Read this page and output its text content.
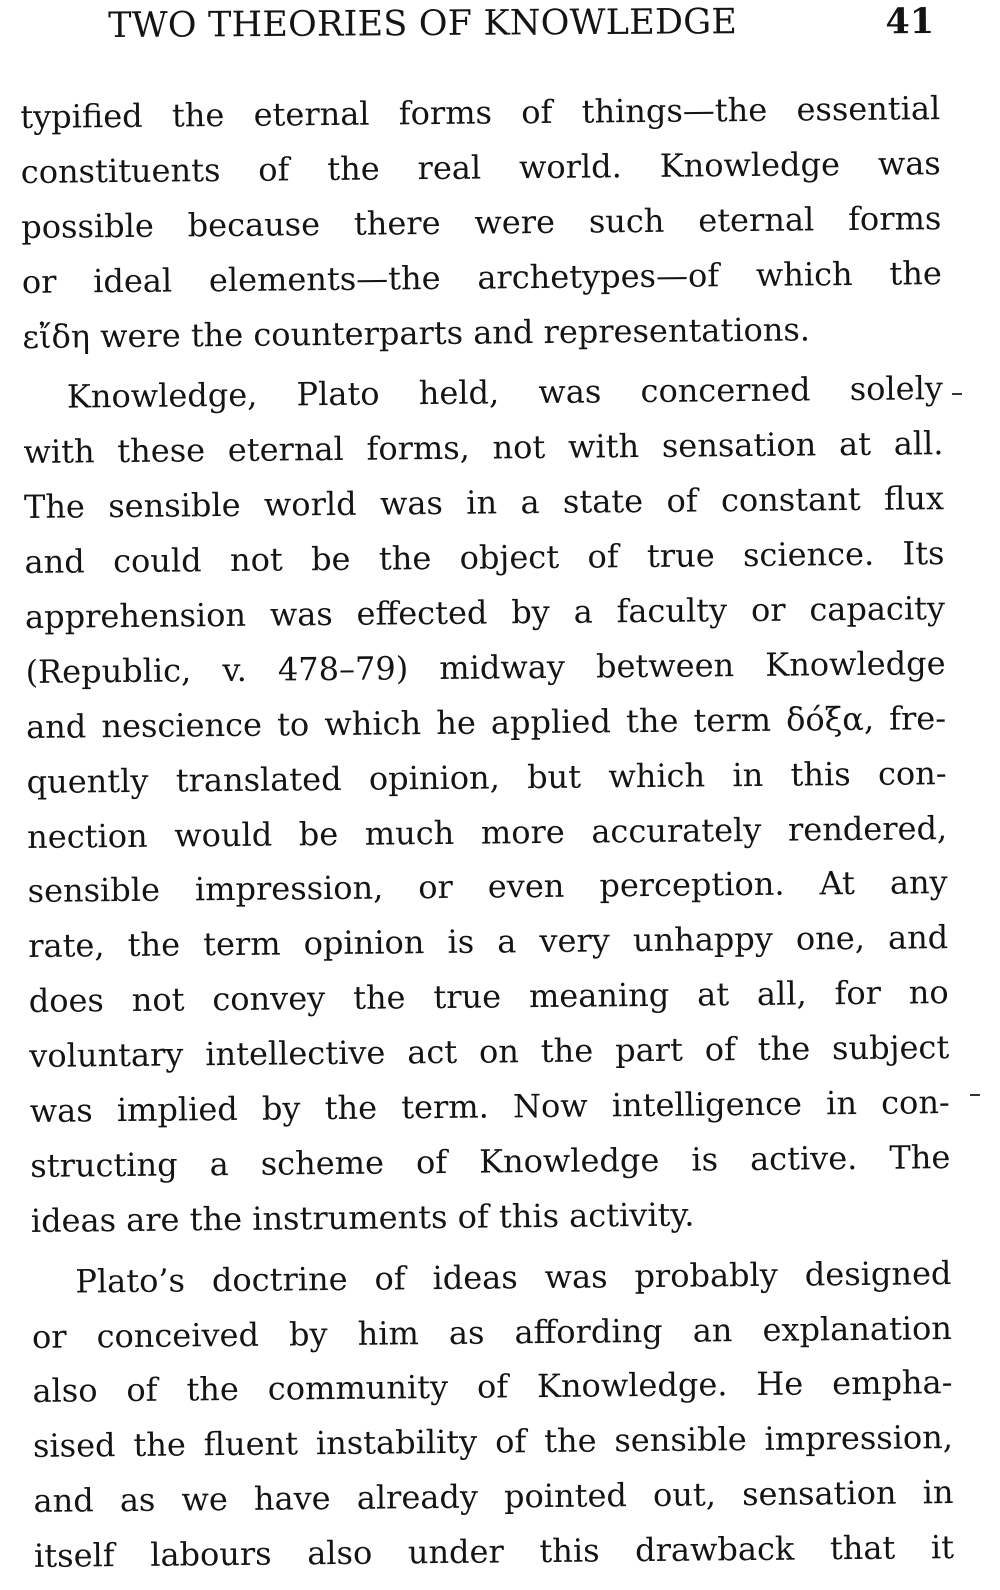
TWO THEORIES OF KNOWLEDGE	41
typified the eternal forms of things—the essential
constituents of the real world. Knowledge was
possible because there were such eternal forms
or ideal elements—the archetypes—of which the
εἴδη were the counterparts and representations.
Knowledge, Plato held, was concerned solely
with these eternal forms, not with sensation at all.
The sensible world was in a state of constant flux
and could not be the object of true science. Its
apprehension was effected by a faculty or capacity
(Republic, v. 478–79) midway between Knowledge
and nescience to which he applied the term δόξα, fre-
quently translated opinion, but which in this con-
nection would be much more accurately rendered,
sensible impression, or even perception. At any
rate, the term opinion is a very unhappy one, and
does not convey the true meaning at all, for no
voluntary intellective act on the part of the subject
was implied by the term. Now intelligence in con-
structing a scheme of Knowledge is active. The
ideas are the instruments of this activity.
Plato’s doctrine of ideas was probably designed
or conceived by him as affording an explanation
also of the community of Knowledge. He empha-
sised the fluent instability of the sensible impression,
and as we have already pointed out, sensation in
itself labours also under this drawback that it
